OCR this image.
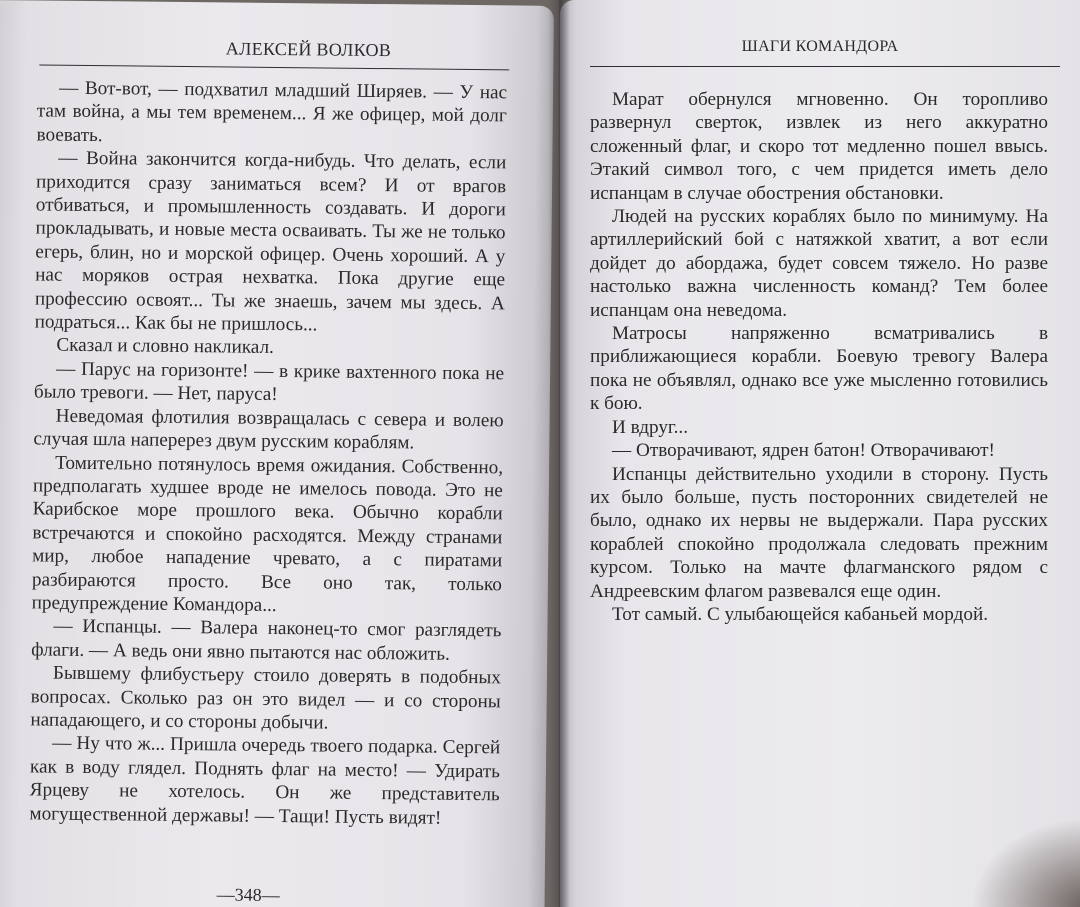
АЛЕКСЕЙ ВОЛКОВ

— Вот-вот, — подхватил младший Ширяев. — У нас там война, а мы тем временем... Я же офицер, мой долг воевать.

— Война закончится когда-нибудь. Что делать, если приходится сразу заниматься всем? И от врагов отбиваться, и промышленность создавать. И дороги прокладывать, и новые места осваивать. Ты же не только егерь, блин, но и морской офицер. Очень хороший. А у нас моряков острая нехватка. Пока другие еще профессию освоят... Ты же знаешь, зачем мы здесь. А подраться... Как бы не пришлось...

Сказал и словно накликал.

— Парус на горизонте! — в крике вахтенного пока не было тревоги. — Нет, паруса!

Неведомая флотилия возвращалась с севера и волею случая шла наперерез двум русским кораблям.

Томительно потянулось время ожидания. Собственно, предполагать худшее вроде не имелось повода. Это не Карибское море прошлого века. Обычно корабли встречаются и спокойно расходятся. Между странами мир, любое нападение чревато, а с пиратами разбираются просто. Все оно так, только предупреждение Командора...

— Испанцы. — Валера наконец-то смог разглядеть флаги. — А ведь они явно пытаются нас обложить.

Бывшему флибустьеру стоило доверять в подобных вопросах. Сколько раз он это видел — и со стороны нападающего, и со стороны добычи.

— Ну что ж... Пришла очередь твоего подарка. Сергей как в воду глядел. Поднять флаг на место! — Удирать Ярцеву не хотелось. Он же представитель могущественной державы! — Тащи! Пусть видят!

—348—
ШАГИ КОМАНДОРА

Марат обернулся мгновенно. Он торопливо развернул сверток, извлек из него аккуратно сложенный флаг, и скоро тот медленно пошел ввысь. Этакий символ того, с чем придется иметь дело испанцам в случае обострения обстановки.

Людей на русских кораблях было по минимуму. На артиллерийский бой с натяжкой хватит, а вот если дойдет до абордажа, будет совсем тяжело. Но разве настолько важна численность команд? Тем более испанцам она неведома.

Матросы напряженно всматривались в приближающиеся корабли. Боевую тревогу Валера пока не объявлял, однако все уже мысленно готовились к бою.

И вдруг...

— Отворачивают, ядрен батон! Отворачивают!

Испанцы действительно уходили в сторону. Пусть их было больше, пусть посторонних свидетелей не было, однако их нервы не выдержали. Пара русских кораблей спокойно продолжала следовать прежним курсом. Только на мачте флагманского рядом с Андреевским флагом развевался еще один.

Тот самый. С улыбающейся кабаньей мордой.
